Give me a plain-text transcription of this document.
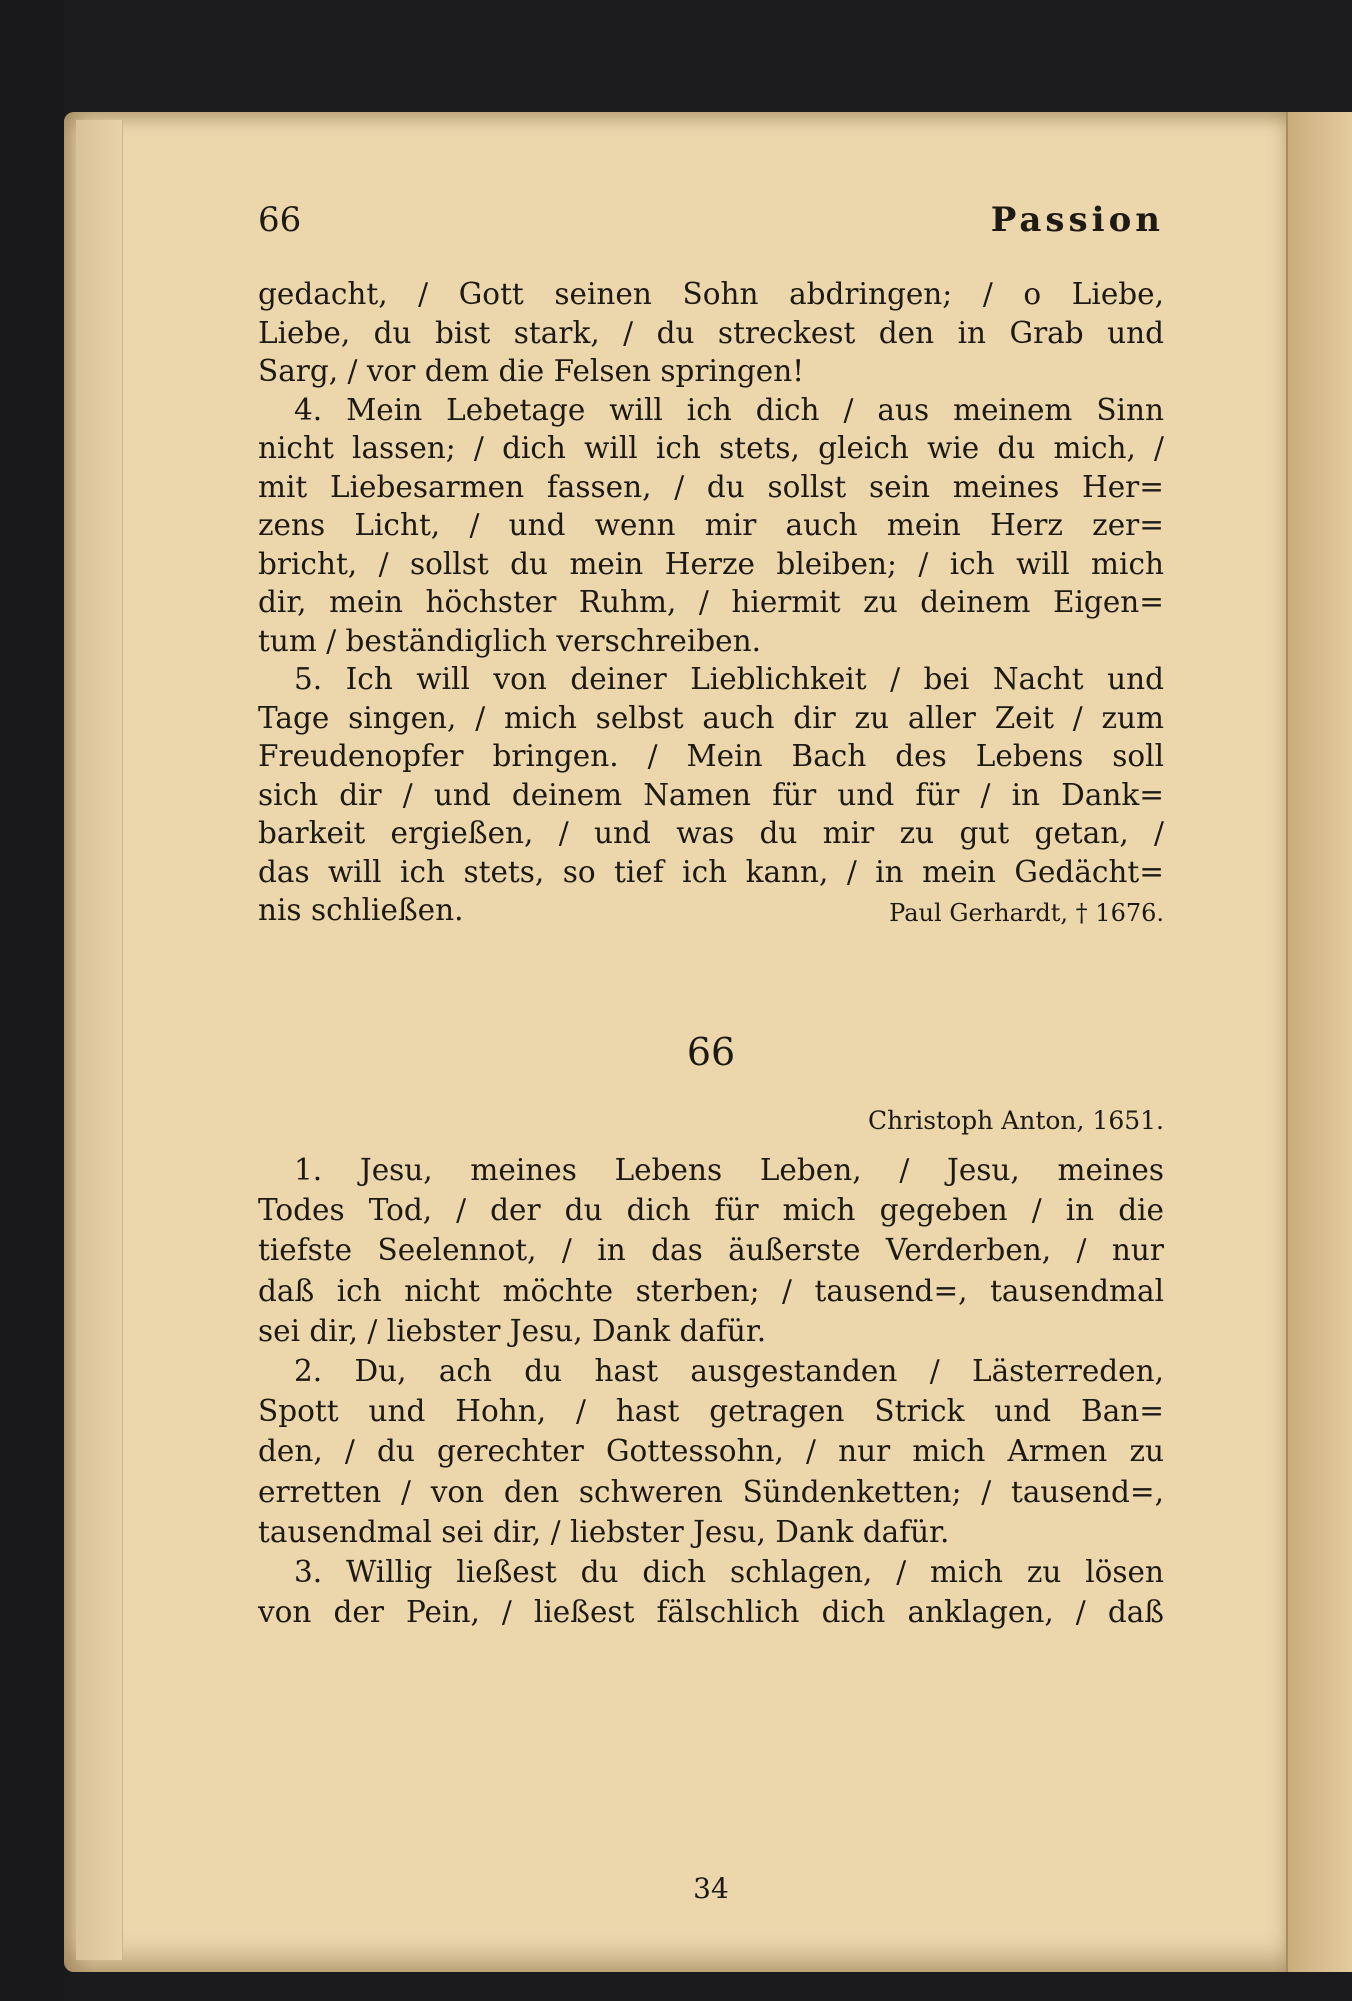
66	Passion
gedacht, / Gott seinen Sohn abdringen; / o Liebe,
Liebe, du bist stark, / du streckest den in Grab und
Sarg, / vor dem die Felsen springen!
4. Mein Lebetage will ich dich / aus meinem Sinn
nicht lassen; / dich will ich stets, gleich wie du mich, /
mit Liebesarmen fassen, / du sollst sein meines Her=
zens Licht, / und wenn mir auch mein Herz zer=
bricht, / sollst du mein Herze bleiben; / ich will mich
dir, mein höchster Ruhm, / hiermit zu deinem Eigen=
tum / beständiglich verschreiben.
5. Ich will von deiner Lieblichkeit / bei Nacht und
Tage singen, / mich selbst auch dir zu aller Zeit / zum
Freudenopfer bringen. / Mein Bach des Lebens soll
sich dir / und deinem Namen für und für / in Dank=
barkeit ergießen, / und was du mir zu gut getan, /
das will ich stets, so tief ich kann, / in mein Gedächt=
nis schließen.	Paul Gerhardt, † 1676.
66
Christoph Anton, 1651.
1. Jesu, meines Lebens Leben, / Jesu, meines
Todes Tod, / der du dich für mich gegeben / in die
tiefste Seelennot, / in das äußerste Verderben, / nur
daß ich nicht möchte sterben; / tausend=, tausendmal
sei dir, / liebster Jesu, Dank dafür.
2. Du, ach du hast ausgestanden / Lästerreden,
Spott und Hohn, / hast getragen Strick und Ban=
den, / du gerechter Gottessohn, / nur mich Armen zu
erretten / von den schweren Sündenketten; / tausend=,
tausendmal sei dir, / liebster Jesu, Dank dafür.
3. Willig ließest du dich schlagen, / mich zu lösen
von der Pein, / ließest fälschlich dich anklagen, / daß
34
